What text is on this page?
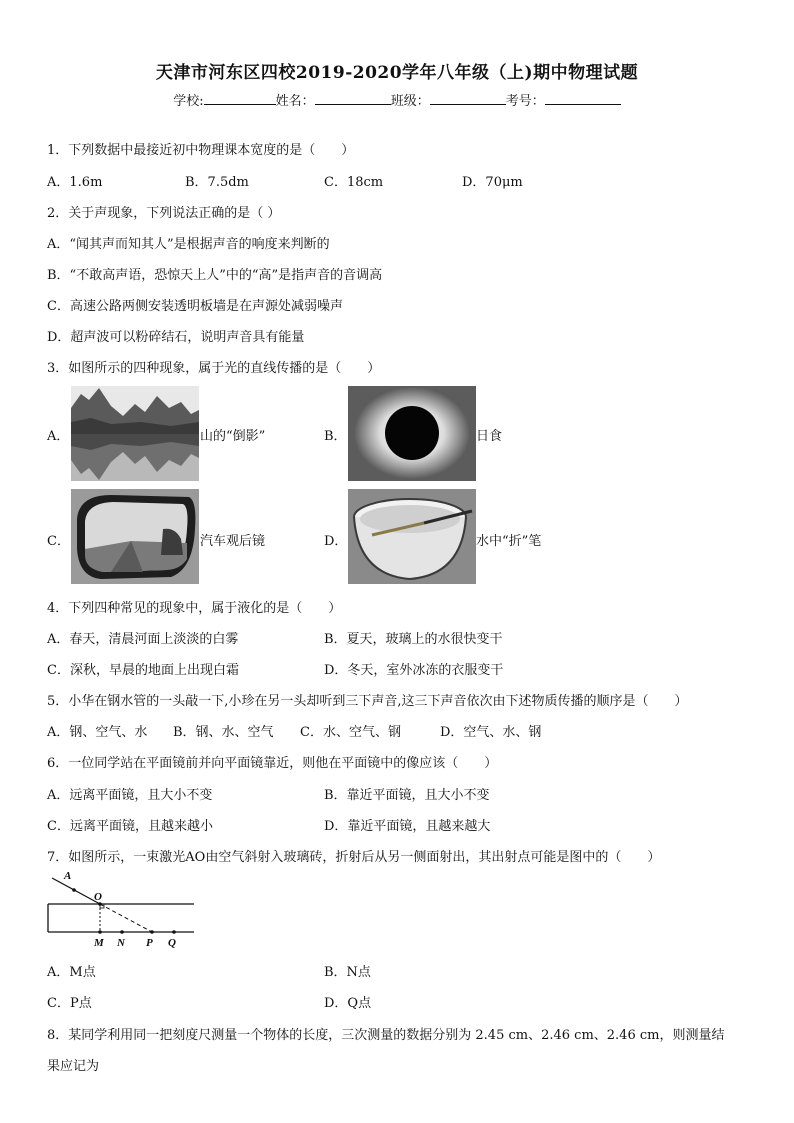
天津市河东区四校2019-2020学年八年级（上)期中物理试题
学校:	姓名：	班级：	考号：
1．下列数据中最接近初中物理课本宽度的是（　　）
A．1.6m	B．7.5dm	C．18cm	D．70μm
2．关于声现象，下列说法正确的是（ ）
A．“闻其声而知其人”是根据声音的响度来判断的
B．“不敢高声语，恐惊天上人”中的“高”是指声音的音调高
C．高速公路两侧安装透明板墙是在声源处减弱噪声
D．超声波可以粉碎结石，说明声音具有能量
3．如图所示的四种现象，属于光的直线传播的是（　　）
A．	山的“倒影”	B．	日食
C．	汽车观后镜	D．	水中“折”笔
4．下列四种常见的现象中，属于液化的是（　　）
A．春天，清晨河面上淡淡的白雾	B．夏天，玻璃上的水很快变干
C．深秋，早晨的地面上出现白霜	D．冬天，室外冰冻的衣服变干
5．小华在钢水管的一头敲一下,小珍在另一头却听到三下声音,这三下声音依次由下述物质传播的顺序是（　　）
A．钢、空气、水 B．钢、水、空气 C．水、空气、钢	D．空气、水、钢
6．一位同学站在平面镜前并向平面镜靠近，则他在平面镜中的像应该（　　）
A．远离平面镜，且大小不变	B．靠近平面镜，且大小不变
C．远离平面镜，且越来越小	D．靠近平面镜，且越来越大
7．如图所示，一束激光AO由空气斜射入玻璃砖，折射后从另一侧面射出，其出射点可能是图中的（　　）
A
O
M N P Q
A．M点	B．N点
C．P点	D．Q点
8．某同学利用同一把刻度尺测量一个物体的长度，三次测量的数据分别为 2.45 cm、2.46 cm、2.46 cm，则测量结
果应记为
